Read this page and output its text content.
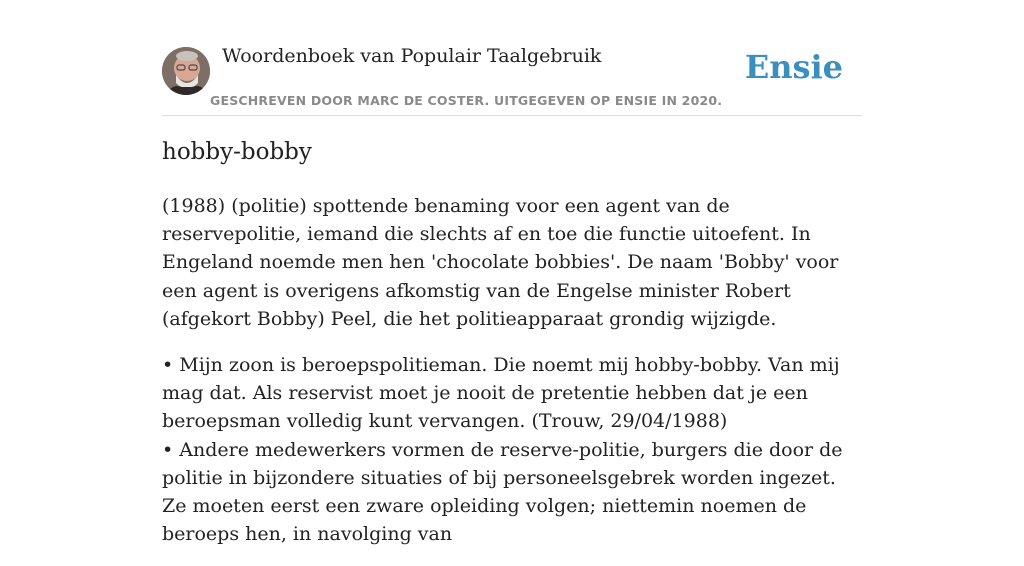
Woordenboek van Populair Taalgebruik
GESCHREVEN DOOR MARC DE COSTER. UITGEGEVEN OP ENSIE IN 2020.
Ensie
hobby-bobby

(1988) (politie) spottende benaming voor een agent van de reservepolitie, iemand die slechts af en toe die functie uitoefent. In Engeland noemde men hen 'chocolate bobbies'. De naam 'Bobby' voor een agent is overigens afkomstig van de Engelse minister Robert (afgekort Bobby) Peel, die het politieapparaat grondig wijzigde.

• Mijn zoon is beroepspolitieman. Die noemt mij hobby-bobby. Van mij mag dat. Als reservist moet je nooit de pretentie hebben dat je een beroepsman volledig kunt vervangen. (Trouw, 29/04/1988)
• Andere medewerkers vormen de reserve-politie, burgers die door de politie in bijzondere situaties of bij personeelsgebrek worden ingezet. Ze moeten eerst een zware opleiding volgen; niettemin noemen de beroeps hen, in navolging van
